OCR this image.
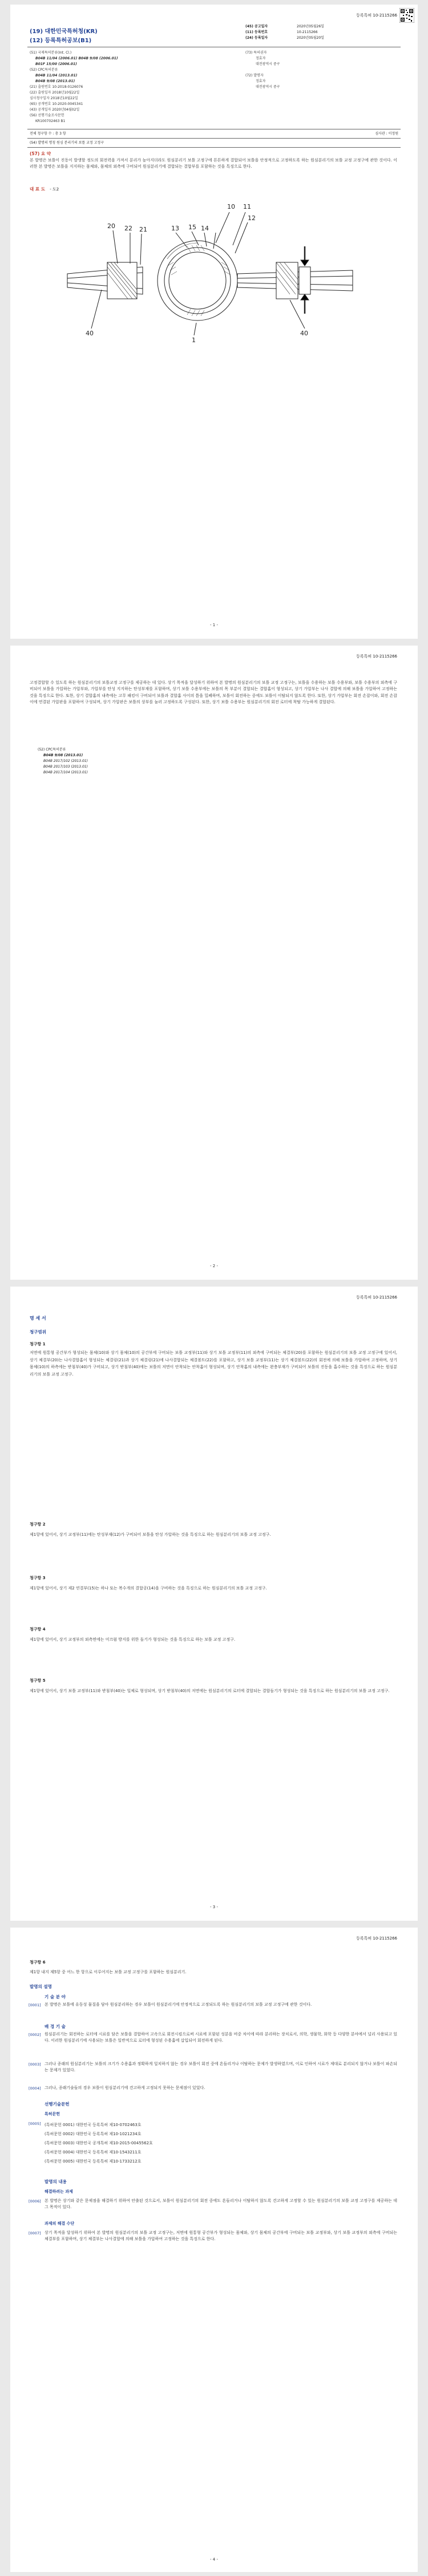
등록특허 10-2115266
(19) 대한민국특허청(KR)
(12) 등록특허공보(B1)
(45) 공고일자	2020년05월26일
(11) 등록번호	10-2115266
(24) 등록일자	2020년05월20일
(51) 국제특허분류(Int. Cl.)
B04B 11/04 (2006.01) B04B 9/08 (2006.01)
B01F 15/00 (2006.01)
(52) CPC특허분류
B04B 11/04 (2013.01)
B04B 9/08 (2013.01)
(21) 출원번호 10-2018-0126076
(22) 출원일자 2018년10월22일
심사청구일자 2018년10월22일
(65) 공개번호 10-2020-0045341
(43) 공개일자 2020년04월02일
(56) 선행기술조사문헌
KR100702463 B1
(73) 특허권자
정효자
대전광역시 중구
(72) 발명자
정효자
대전광역시 중구
전체 청구항 수 : 총 3 항	심사관 : 이정원
(54) 발명의 명칭 원심 분리기의 보틀 교정 고정구
(57) 요 약
본 발명은 보틀이 진동이 발생할 정도의 회전력을 가져서 분리가 높아지더라도 원심분리기 보틀 고정구에 튼튼하게 결합되어 보틀을 안정적으로 고정하도록 하는 원심분리기의 보틀 교정 고정구에 관한 것이다. 이러한 본 발명은 보틀을 지지하는 몸체와, 몸체의 외측에 구비되어 원심분리기에 결합되는 결합부를 포함하는 것을 특징으로 한다.
대 표 도 - 도2
10 11
12
20 22 21	13 15 14
40
1
40
- 1 -
등록특허 10-2115266
고정결합할 수 있도록 하는 원심분리기의 보틀교정 고정구를 제공하는 데 있다. 상기 목적을 달성하기 위하여 본 발명의 원심분리기의 보틀 교정 고정구는, 보틀을 수용하는 보틀 수용부와, 보틀 수용부의 외측에 구비되어 보틀을 가압하는 가압부와, 가압부를 탄성 지지하는 탄성부재를 포함하며, 상기 보틀 수용부에는 보틀의 목 부분이 결합되는 결합홈이 형성되고, 상기 가압부는 나사 결합에 의해 보틀을 가압하여 고정하는 것을 특징으로 한다. 또한, 상기 결합홈의 내측에는 고무 패킹이 구비되어 보틀과 결합홈 사이의 틈을 밀폐하며, 보틀이 회전하는 중에도 보틀이 이탈되지 않도록 한다. 또한, 상기 가압부는 회전 손잡이와, 회전 손잡이에 연결된 가압판을 포함하여 구성되며, 상기 가압판은 보틀의 상부를 눌러 고정하도록 구성된다. 또한, 상기 보틀 수용부는 원심분리기의 회전 로터에 착탈 가능하게 결합된다.
(52) CPC특허분류
B04B 9/08 (2013.01)
B04B 2017/102 (2013.01)
B04B 2017/103 (2013.01)
B04B 2017/104 (2013.01)
- 2 -
등록특허 10-2115266
명 세 서
청구범위
청구항 1
저면에 원통형 공간부가 형성되는 몸체(10)와 상기 몸체(10)의 공간부에 구비되는 보틀 교정부(11)와 상기 보틀 교정부(11)의 외측에 구비되는 체결부(20)를 포함하는 원심분리기의 보틀 교정 고정구에 있어서, 상기 체결부(20)는 나사결합홈이 형성되는 체결링(21)과 상기 체결링(21)에 나사결합되는 체결볼트(22)를 포함하고, 상기 보틀 교정부(11)는 상기 체결볼트(22)의 회전에 의해 보틀을 가압하여 고정하며, 상기 몸체(10)의 하측에는 받침부(40)가 구비되고, 상기 받침부(40)에는 보틀의 저면이 안착되는 안착홈이 형성되며, 상기 안착홈의 내측에는 완충부재가 구비되어 보틀의 진동을 흡수하는 것을 특징으로 하는 원심분리기의 보틀 교정 고정구.
청구항 2
제1항에 있어서, 상기 교정부(11)에는 탄성부재(12)가 구비되어 보틀을 탄성 가압하는 것을 특징으로 하는 원심분리기의 보틀 교정 고정구.
청구항 3
제1항에 있어서, 상기 제2 연결부(15)는 하나 또는 복수개의 결합공(14)을 구비하는 것을 특징으로 하는 원심분리기의 보틀 교정 고정구.
청구항 4
제1항에 있어서, 상기 교정부의 외측면에는 미끄럼 방지를 위한 돌기가 형성되는 것을 특징으로 하는 보틀 교정 고정구.
청구항 5
제1항에 있어서, 상기 보틀 교정부(11)와 받침부(40)는 일체로 형성되며, 상기 받침부(40)의 저면에는 원심분리기의 로터에 결합되는 결합돌기가 형성되는 것을 특징으로 하는 원심분리기의 보틀 교정 고정구.
- 3 -
등록특허 10-2115266
청구항 6
제1항 내지 제5항 중 어느 한 항으로 이루어지는 보틀 교정 고정구를 포함하는 원심분리기.
발명의 설명
기 술 분 야
[0001] 본 발명은 보틀에 유동성 물질을 담아 원심분리하는 경우 보틀이 원심분리기에 안정적으로 고정되도록 하는 원심분리기의 보틀 교정 고정구에 관한 것이다.
배 경 기 술
[0002] 원심분리기는 회전하는 로터에 시료를 담은 보틀을 결합하여 고속으로 회전시킴으로써 시료에 포함된 성분을 비중 차이에 따라 분리하는 장치로서, 의학, 생물학, 화학 등 다양한 분야에서 널리 사용되고 있다. 이러한 원심분리기에 사용되는 보틀은 일반적으로 로터에 형성된 수용홈에 삽입되어 회전하게 된다.
[0003] 그러나 종래의 원심분리기는 보틀의 크기가 수용홈과 정확하게 일치하지 않는 경우 보틀이 회전 중에 흔들리거나 이탈하는 문제가 발생하였으며, 이로 인하여 시료가 제대로 분리되지 않거나 보틀이 파손되는 문제가 있었다.
[0004] 그러나, 종래기술들의 경우 보틀이 원심분리기에 견고하게 고정되지 못하는 문제점이 있었다.
선행기술문헌
특허문헌
[0005] (특허문헌 0001) 대한민국 등록특허 제10-0702463호
(특허문헌 0002) 대한민국 등록특허 제10-1021234호
(특허문헌 0003) 대한민국 공개특허 제10-2015-0045562호
(특허문헌 0004) 대한민국 등록특허 제10-1543211호
(특허문헌 0005) 대한민국 등록특허 제10-1733212호
발명의 내용
해결하려는 과제
[0006] 본 발명은 상기와 같은 문제점을 해결하기 위하여 안출된 것으로서, 보틀이 원심분리기의 회전 중에도 흔들리거나 이탈하지 않도록 견고하게 고정할 수 있는 원심분리기의 보틀 교정 고정구를 제공하는 데 그 목적이 있다.
과제의 해결 수단
[0007] 상기 목적을 달성하기 위하여 본 발명의 원심분리기의 보틀 교정 고정구는, 저면에 원통형 공간부가 형성되는 몸체와, 상기 몸체의 공간부에 구비되는 보틀 교정부와, 상기 보틀 교정부의 외측에 구비되는 체결부를 포함하며, 상기 체결부는 나사결합에 의해 보틀을 가압하여 고정하는 것을 특징으로 한다.
- 4 -
